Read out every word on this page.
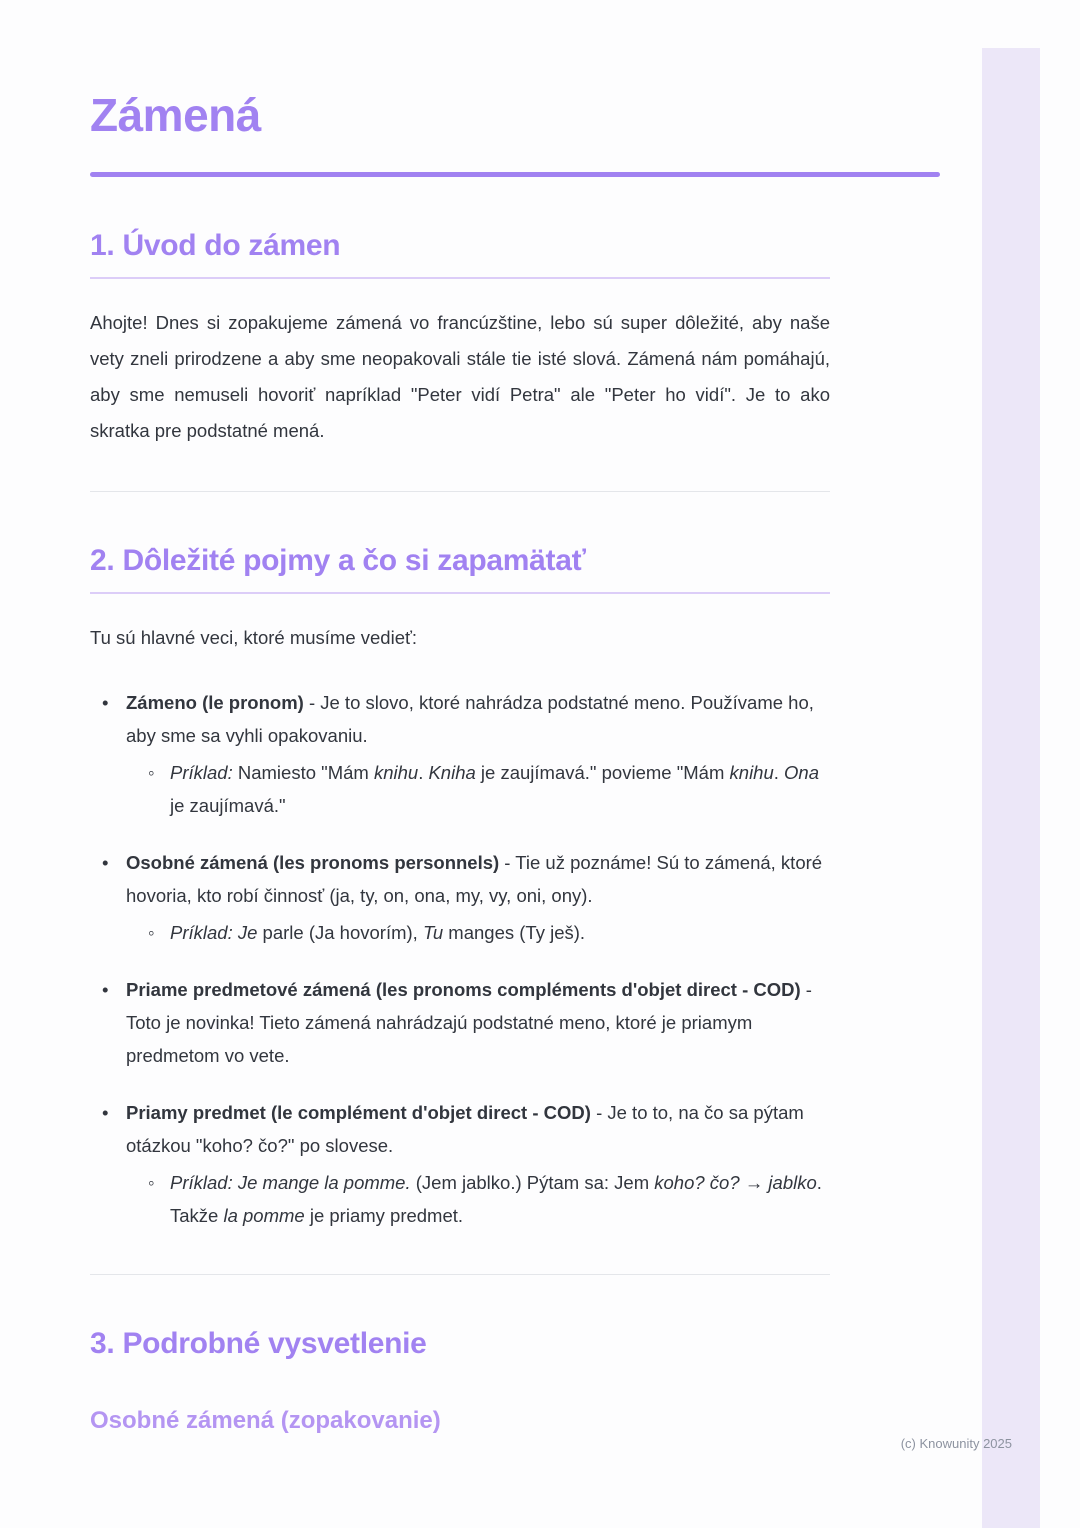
Zámená
1. Úvod do zámen

Ahojte! Dnes si zopakujeme zámená vo francúzštine, lebo sú super dôležité, aby naše vety zneli prirodzene a aby sme neopakovali stále tie isté slová. Zámená nám pomáhajú, aby sme nemuseli hovoriť napríklad "Peter vidí Petra" ale "Peter ho vidí". Je to ako skratka pre podstatné mená.

2. Dôležité pojmy a čo si zapamätať

Tu sú hlavné veci, ktoré musíme vedieť:

• Zámeno (le pronom) - Je to slovo, ktoré nahrádza podstatné meno. Používame ho, aby sme sa vyhli opakovaniu.
◦ Príklad: Namiesto "Mám knihu. Kniha je zaujímavá." povieme "Mám knihu. Ona je zaujímavá."
• Osobné zámená (les pronoms personnels) - Tie už poznáme! Sú to zámená, ktoré hovoria, kto robí činnosť (ja, ty, on, ona, my, vy, oni, ony).
◦ Príklad: Je parle (Ja hovorím), Tu manges (Ty ješ).
• Priame predmetové zámená (les pronoms compléments d'objet direct - COD) - Toto je novinka! Tieto zámená nahrádzajú podstatné meno, ktoré je priamym predmetom vo vete.
• Priamy predmet (le complément d'objet direct - COD) - Je to to, na čo sa pýtam otázkou "koho? čo?" po slovese.
◦ Príklad: Je mange la pomme. (Jem jablko.) Pýtam sa: Jem koho? čo? → jablko. Takže la pomme je priamy predmet.
3. Podrobné vysvetlenie
Osobné zámená (zopakovanie)
(c) Knowunity 2025
